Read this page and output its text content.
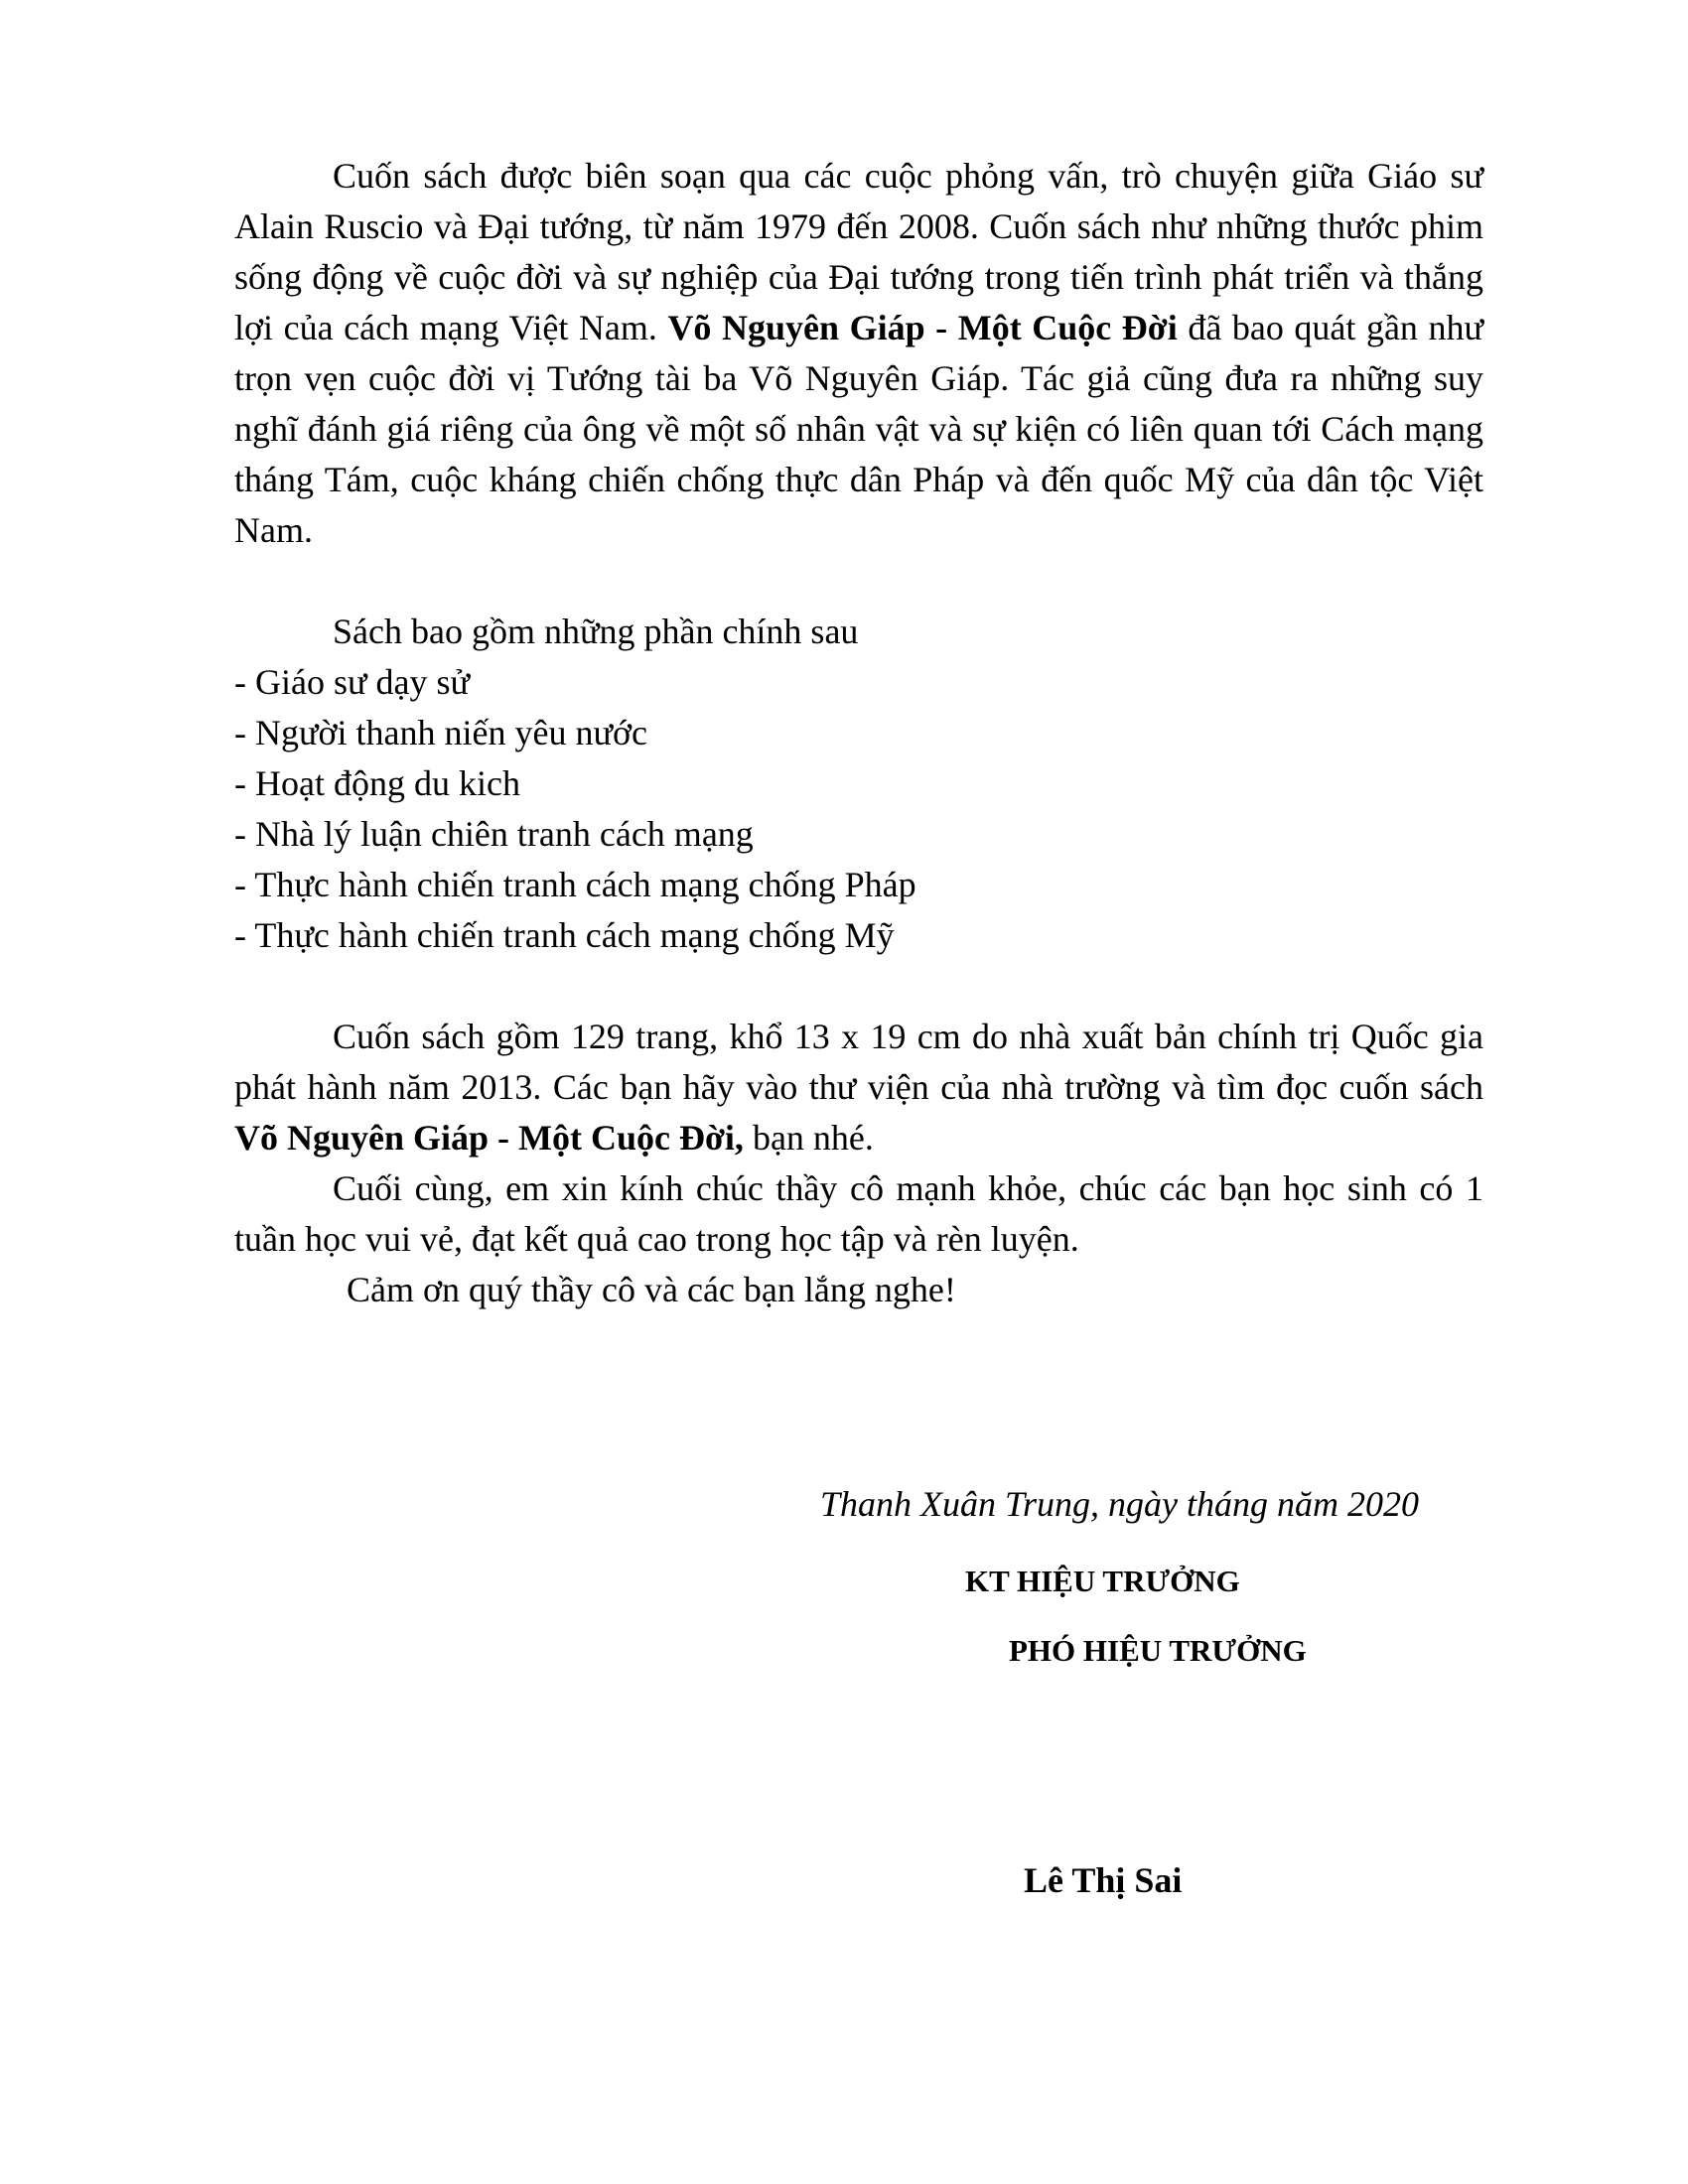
Cuốn sách được biên soạn qua các cuộc phỏng vấn, trò chuyện giữa Giáo sư Alain Ruscio và Đại tướng, từ năm 1979 đến 2008. Cuốn sách như những thước phim sống động về cuộc đời và sự nghiệp của Đại tướng trong tiến trình phát triển và thắng lợi của cách mạng Việt Nam. Võ Nguyên Giáp - Một Cuộc Đời đã bao quát gần như trọn vẹn cuộc đời vị Tướng tài ba Võ Nguyên Giáp. Tác giả cũng đưa ra những suy nghĩ đánh giá riêng của ông về một số nhân vật và sự kiện có liên quan tới Cách mạng tháng Tám, cuộc kháng chiến chống thực dân Pháp và đến quốc Mỹ của dân tộc Việt Nam.

Sách bao gồm những phần chính sau

- Giáo sư dạy sử
- Người thanh niến yêu nước
- Hoạt động du kich
- Nhà lý luận chiên tranh cách mạng
- Thực hành chiến tranh cách mạng chống Pháp
- Thực hành chiến tranh cách mạng chống Mỹ

Cuốn sách gồm 129 trang, khổ 13 x 19 cm do nhà xuất bản chính trị Quốc gia phát hành năm 2013. Các bạn hãy vào thư viện của nhà trường và tìm đọc cuốn sách Võ Nguyên Giáp - Một Cuộc Đời, bạn nhé.

Cuối cùng, em xin kính chúc thầy cô mạnh khỏe, chúc các bạn học sinh có 1 tuần học vui vẻ, đạt kết quả cao trong học tập và rèn luyện.

Cảm ơn quý thầy cô và các bạn lắng nghe!

Thanh Xuân Trung, ngày tháng năm 2020
KT HIỆU TRƯỞNG
PHÓ HIỆU TRƯỞNG
Lê Thị Sai
